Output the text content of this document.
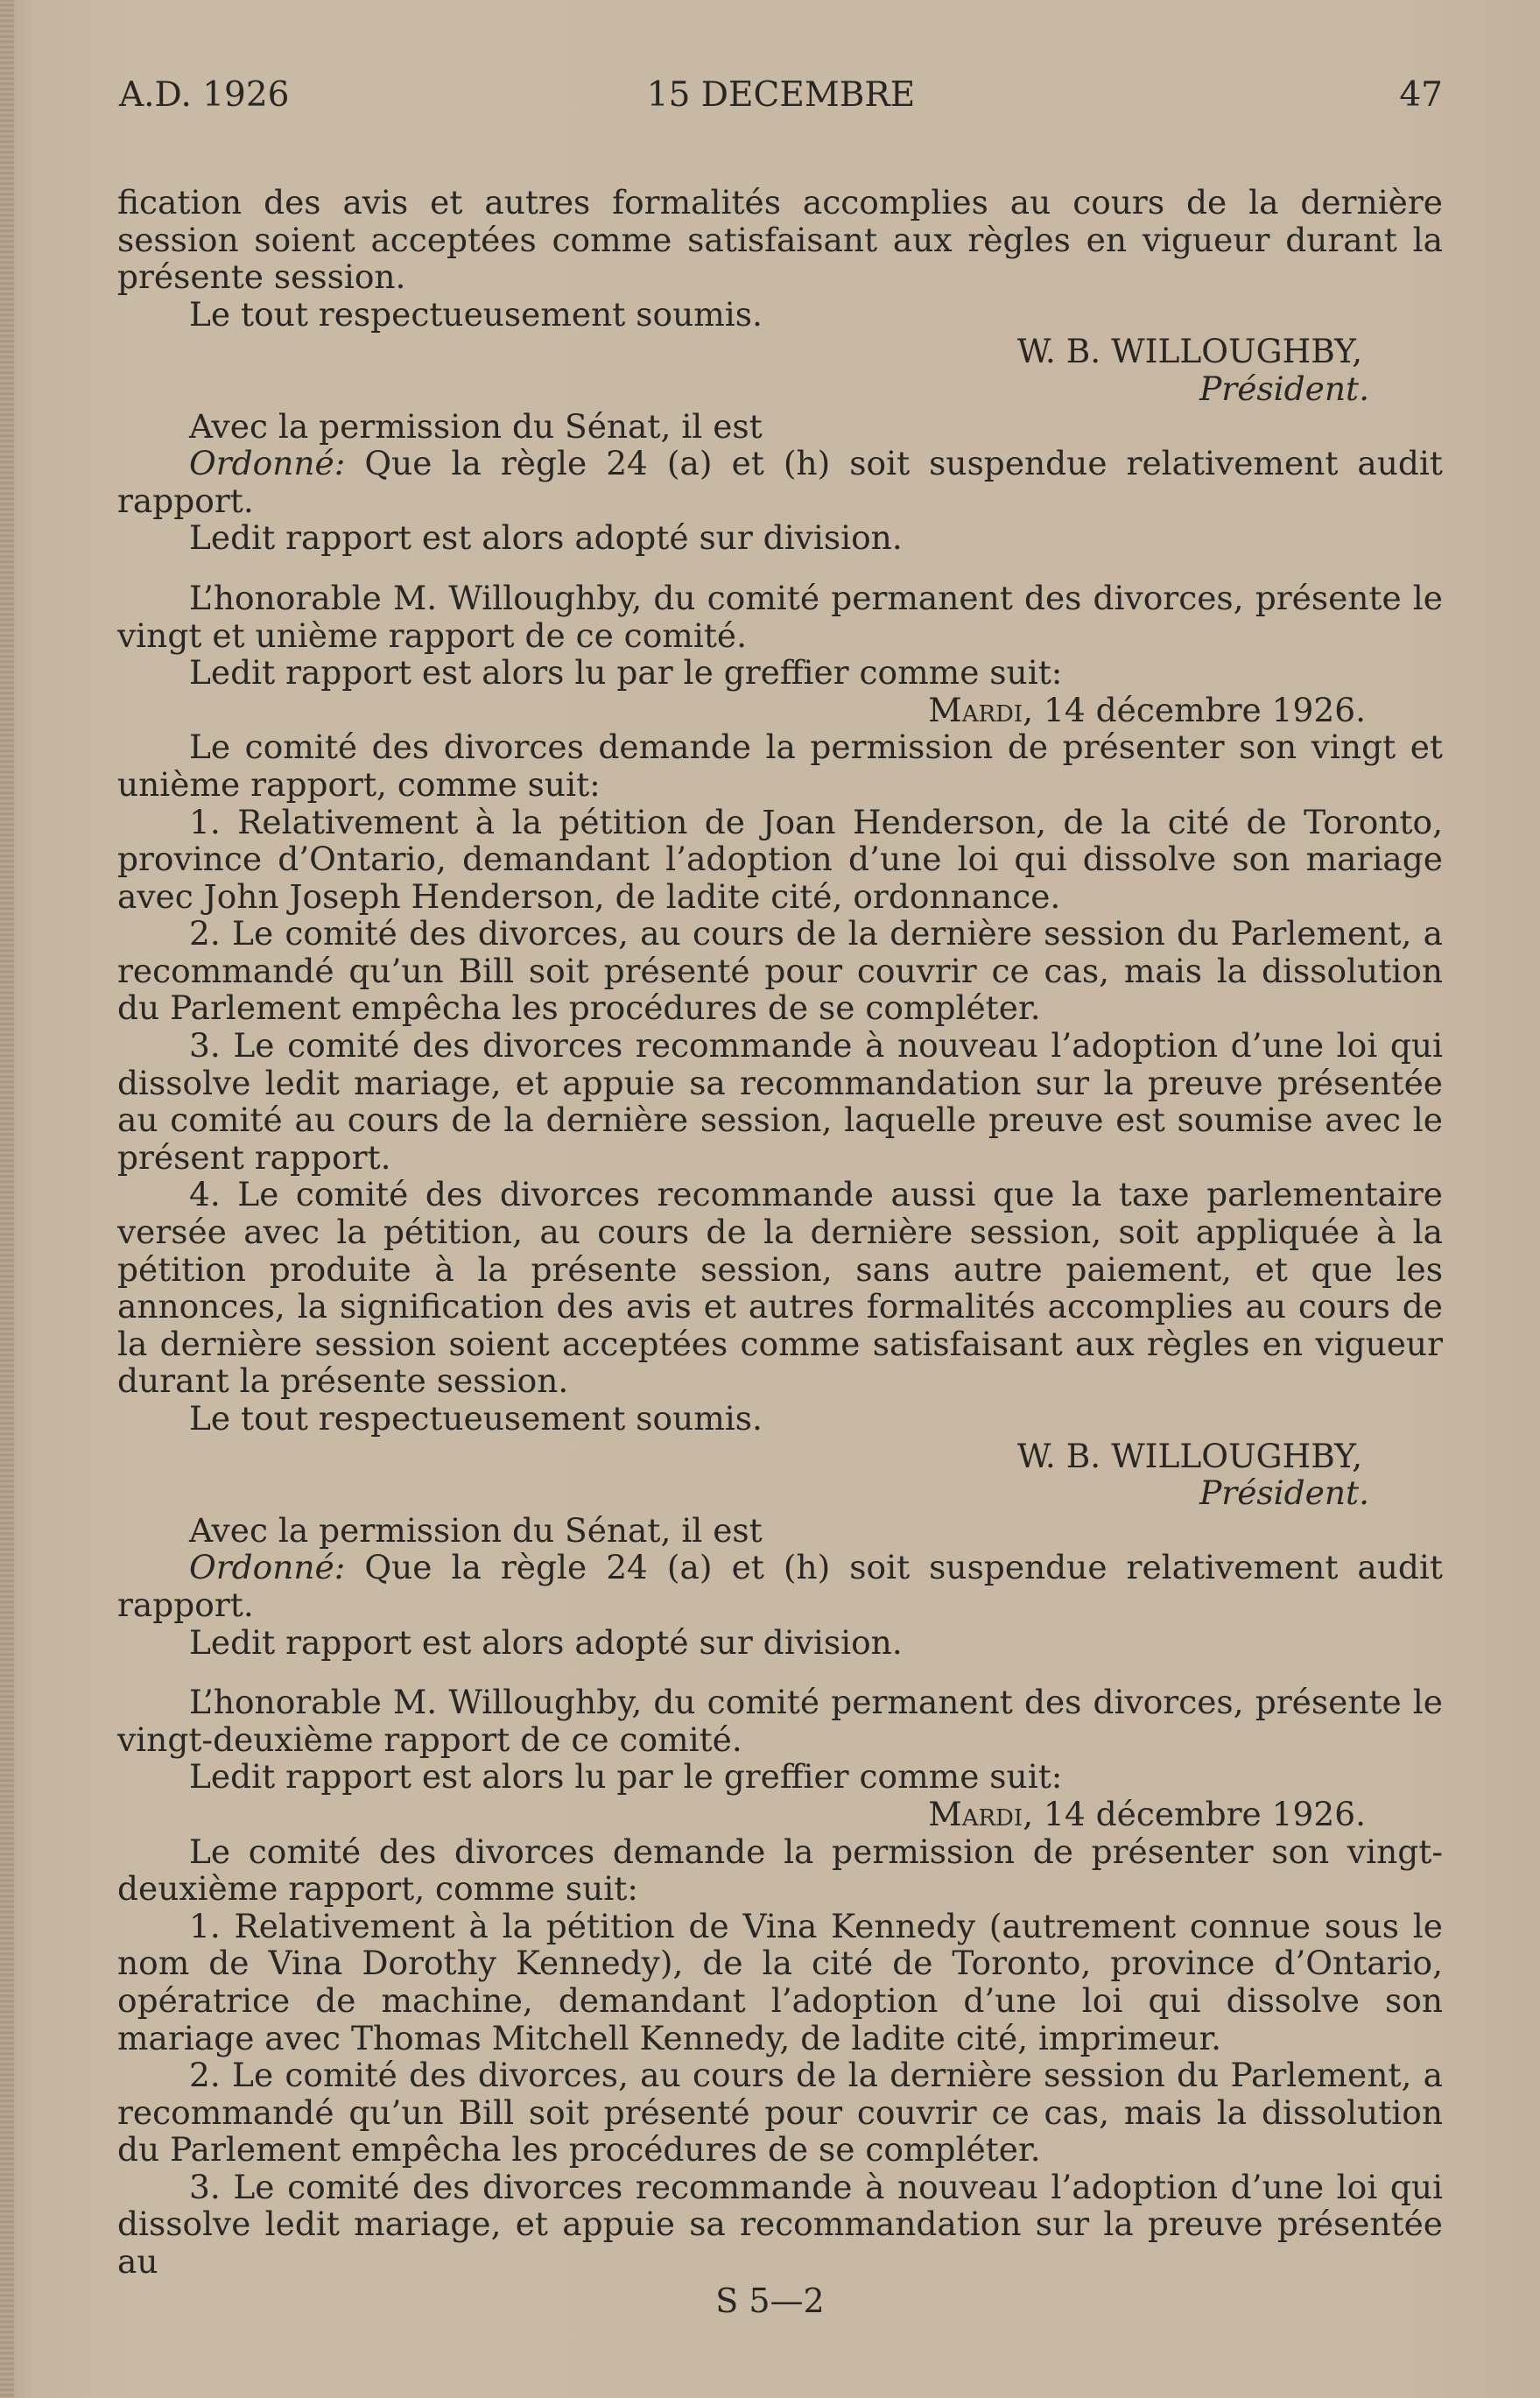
A.D. 1926	15 DECEMBRE	47

fication des avis et autres formalités accomplies au cours de la dernière session soient acceptées comme satisfaisant aux règles en vigueur durant la présente session.

Le tout respectueusement soumis.

W. B. WILLOUGHBY,

Président.

Avec la permission du Sénat, il est

Ordonné: Que la règle 24 (a) et (h) soit suspendue relativement audit rapport.

Ledit rapport est alors adopté sur division.

L’honorable M. Willoughby, du comité permanent des divorces, présente le vingt et unième rapport de ce comité.

Ledit rapport est alors lu par le greffier comme suit:

Mardi, 14 décembre 1926.

Le comité des divorces demande la permission de présenter son vingt et unième rapport, comme suit:

1. Relativement à la pétition de Joan Henderson, de la cité de Toronto, province d’Ontario, demandant l’adoption d’une loi qui dissolve son mariage avec John Joseph Henderson, de ladite cité, ordonnance.

2. Le comité des divorces, au cours de la dernière session du Parlement, a recommandé qu’un Bill soit présenté pour couvrir ce cas, mais la dissolution du Parlement empêcha les procédures de se compléter.

3. Le comité des divorces recommande à nouveau l’adoption d’une loi qui dissolve ledit mariage, et appuie sa recommandation sur la preuve présentée au comité au cours de la dernière session, laquelle preuve est soumise avec le présent rapport.

4. Le comité des divorces recommande aussi que la taxe parlementaire versée avec la pétition, au cours de la dernière session, soit appliquée à la pétition produite à la présente session, sans autre paiement, et que les annonces, la signification des avis et autres formalités accomplies au cours de la dernière session soient acceptées comme satisfaisant aux règles en vigueur durant la présente session.

Le tout respectueusement soumis.

W. B. WILLOUGHBY,

Président.

Avec la permission du Sénat, il est

Ordonné: Que la règle 24 (a) et (h) soit suspendue relativement audit rapport.

Ledit rapport est alors adopté sur division.

L’honorable M. Willoughby, du comité permanent des divorces, présente le vingt-deuxième rapport de ce comité.

Ledit rapport est alors lu par le greffier comme suit:

Mardi, 14 décembre 1926.

Le comité des divorces demande la permission de présenter son vingt-deuxième rapport, comme suit:

1. Relativement à la pétition de Vina Kennedy (autrement connue sous le nom de Vina Dorothy Kennedy), de la cité de Toronto, province d’Ontario, opératrice de machine, demandant l’adoption d’une loi qui dissolve son mariage avec Thomas Mitchell Kennedy, de ladite cité, imprimeur.

2. Le comité des divorces, au cours de la dernière session du Parlement, a recommandé qu’un Bill soit présenté pour couvrir ce cas, mais la dissolution du Parlement empêcha les procédures de se compléter.

3. Le comité des divorces recommande à nouveau l’adoption d’une loi qui dissolve ledit mariage, et appuie sa recommandation sur la preuve présentée au

S 5—2
